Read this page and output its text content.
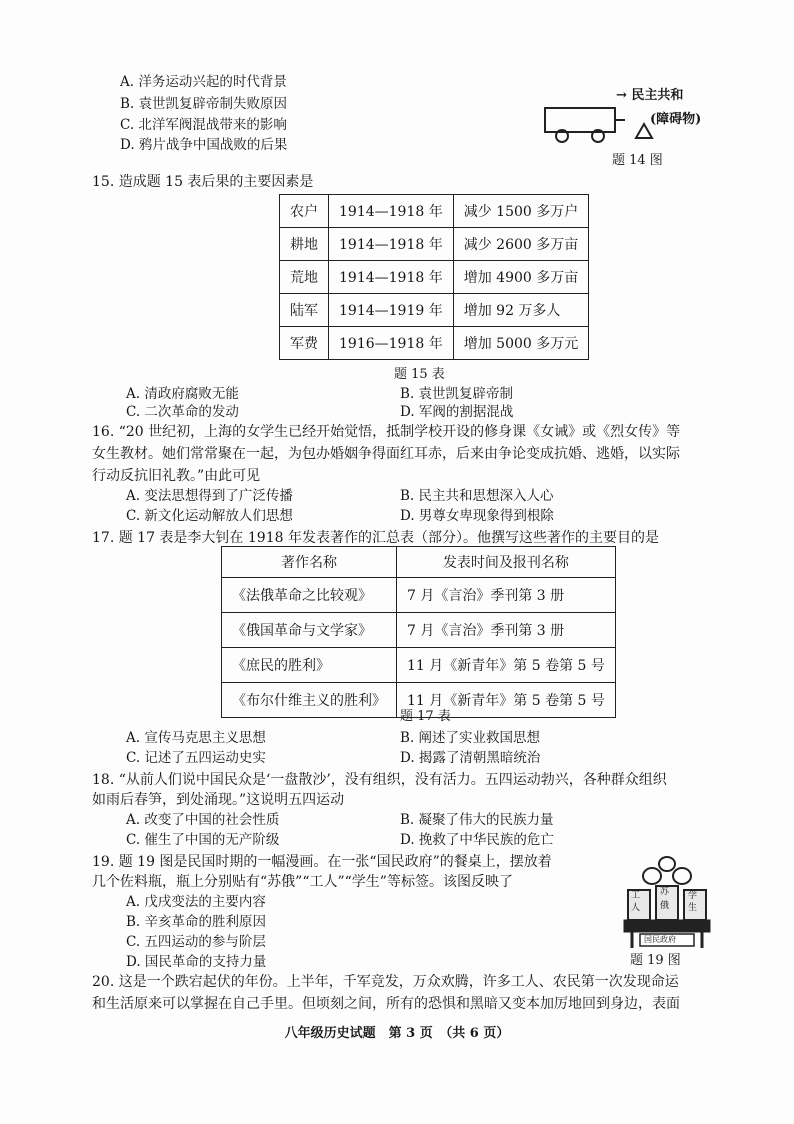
A. 洋务运动兴起的时代背景
B. 袁世凯复辟帝制失败原因
C. 北洋军阀混战带来的影响
D. 鸦片战争中国战败的后果
→ 民主共和
(障碍物)
题 14 图
15. 造成题 15 表后果的主要因素是
农户	1914—1918 年	减少 1500 多万户
耕地	1914—1918 年	减少 2600 多万亩
荒地	1914—1918 年	增加 4900 多万亩
陆军	1914—1919 年	增加 92 万多人
军费	1916—1918 年	增加 5000 多万元
题 15 表
A. 清政府腐败无能	B. 袁世凯复辟帝制
C. 二次革命的发动	D. 军阀的割据混战
16. “20 世纪初，上海的女学生已经开始觉悟，抵制学校开设的修身课《女诫》或《烈女传》等
女生教材。她们常常聚在一起，为包办婚姻争得面红耳赤，后来由争论变成抗婚、逃婚，以实际
行动反抗旧礼教。”由此可见
A. 变法思想得到了广泛传播	B. 民主共和思想深入人心
C. 新文化运动解放人们思想	D. 男尊女卑现象得到根除
17. 题 17 表是李大钊在 1918 年发表著作的汇总表（部分）。他撰写这些著作的主要目的是
著作名称	发表时间及报刊名称
《法俄革命之比较观》	7 月《言治》季刊第 3 册
《俄国革命与文学家》	7 月《言治》季刊第 3 册
《庶民的胜利》	11 月《新青年》第 5 卷第 5 号
《布尔什维主义的胜利》	11 月《新青年》第 5 卷第 5 号
题 17 表
A. 宣传马克思主义思想	B. 阐述了实业救国思想
C. 记述了五四运动史实	D. 揭露了清朝黑暗统治
18. “从前人们说中国民众是‘一盘散沙’，没有组织，没有活力。五四运动勃兴，各种群众组织
如雨后春笋，到处涌现。”这说明五四运动
A. 改变了中国的社会性质	B. 凝聚了伟大的民族力量
C. 催生了中国的无产阶级	D. 挽救了中华民族的危亡
19. 题 19 图是民国时期的一幅漫画。在一张“国民政府”的餐桌上，摆放着
几个佐料瓶，瓶上分别贴有“苏俄”“工人”“学生”等标签。该图反映了
A. 戊戌变法的主要内容
B. 辛亥革命的胜利原因
C. 五四运动的参与阶层
D. 国民革命的支持力量
工 苏 学
人 俄 生
国民政府
题 19 图
20. 这是一个跌宕起伏的年份。上半年，千军竞发，万众欢腾，许多工人、农民第一次发现命运
和生活原来可以掌握在自己手里。但顷刻之间，所有的恐惧和黑暗又变本加厉地回到身边，表面
八年级历史试题　第 3 页　（共 6 页）
